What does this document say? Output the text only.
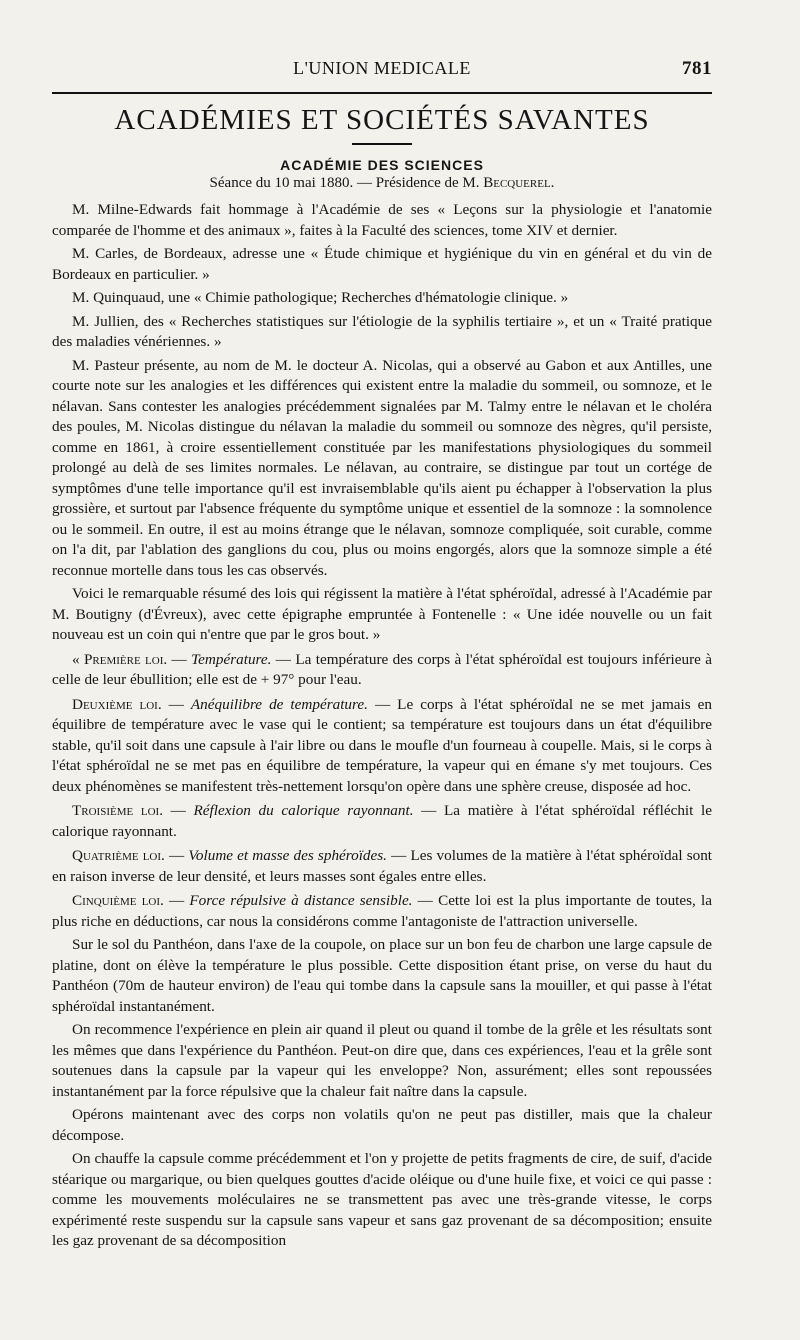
L'UNION MEDICALE	781
ACADÉMIES ET SOCIÉTÉS SAVANTES
ACADÉMIE DES SCIENCES
Séance du 10 mai 1880. — Présidence de M. Becquerel.

M. Milne-Edwards fait hommage à l'Académie de ses « Leçons sur la physiologie et l'anatomie comparée de l'homme et des animaux », faites à la Faculté des sciences, tome XIV et dernier.

M. Carles, de Bordeaux, adresse une « Étude chimique et hygiénique du vin en général et du vin de Bordeaux en particulier. »

M. Quinquaud, une « Chimie pathologique; Recherches d'hématologie clinique. »

M. Jullien, des « Recherches statistiques sur l'étiologie de la syphilis tertiaire », et un « Traité pratique des maladies vénériennes. »

M. Pasteur présente, au nom de M. le docteur A. Nicolas, qui a observé au Gabon et aux Antilles, une courte note sur les analogies et les différences qui existent entre la maladie du sommeil, ou somnoze, et le nélavan. Sans contester les analogies précédemment signalées par M. Talmy entre le nélavan et le choléra des poules, M. Nicolas distingue du nélavan la maladie du sommeil ou somnoze des nègres, qu'il persiste, comme en 1861, à croire essentiellement constituée par les manifestations physiologiques du sommeil prolongé au delà de ses limites normales. Le nélavan, au contraire, se distingue par tout un cortége de symptômes d'une telle importance qu'il est invraisemblable qu'ils aient pu échapper à l'observation la plus grossière, et surtout par l'absence fréquente du symptôme unique et essentiel de la somnoze : la somnolence ou le sommeil. En outre, il est au moins étrange que le nélavan, somnoze compliquée, soit curable, comme on l'a dit, par l'ablation des ganglions du cou, plus ou moins engorgés, alors que la somnoze simple a été reconnue mortelle dans tous les cas observés.

Voici le remarquable résumé des lois qui régissent la matière à l'état sphéroïdal, adressé à l'Académie par M. Boutigny (d'Évreux), avec cette épigraphe empruntée à Fontenelle : « Une idée nouvelle ou un fait nouveau est un coin qui n'entre que par le gros bout. »

« Première loi. — Température. — La température des corps à l'état sphéroïdal est toujours inférieure à celle de leur ébullition; elle est de + 97° pour l'eau.

Deuxième loi. — Anéquilibre de température. — Le corps à l'état sphéroïdal ne se met jamais en équilibre de température avec le vase qui le contient; sa température est toujours dans un état d'équilibre stable, qu'il soit dans une capsule à l'air libre ou dans le moufle d'un fourneau à coupelle. Mais, si le corps à l'état sphéroïdal ne se met pas en équilibre de température, la vapeur qui en émane s'y met toujours. Ces deux phénomènes se manifestent très-nettement lorsqu'on opère dans une sphère creuse, disposée ad hoc.

Troisième loi. — Réflexion du calorique rayonnant. — La matière à l'état sphéroïdal réfléchit le calorique rayonnant.

Quatrième loi. — Volume et masse des sphéroïdes. — Les volumes de la matière à l'état sphéroïdal sont en raison inverse de leur densité, et leurs masses sont égales entre elles.

Cinquième loi. — Force répulsive à distance sensible. — Cette loi est la plus importante de toutes, la plus riche en déductions, car nous la considérons comme l'antagoniste de l'attraction universelle.

Sur le sol du Panthéon, dans l'axe de la coupole, on place sur un bon feu de charbon une large capsule de platine, dont on élève la température le plus possible. Cette disposition étant prise, on verse du haut du Panthéon (70m de hauteur environ) de l'eau qui tombe dans la capsule sans la mouiller, et qui passe à l'état sphéroïdal instantanément.

On recommence l'expérience en plein air quand il pleut ou quand il tombe de la grêle et les résultats sont les mêmes que dans l'expérience du Panthéon. Peut-on dire que, dans ces expériences, l'eau et la grêle sont soutenues dans la capsule par la vapeur qui les enveloppe? Non, assurément; elles sont repoussées instantanément par la force répulsive que la chaleur fait naître dans la capsule.

Opérons maintenant avec des corps non volatils qu'on ne peut pas distiller, mais que la chaleur décompose.

On chauffe la capsule comme précédemment et l'on y projette de petits fragments de cire, de suif, d'acide stéarique ou margarique, ou bien quelques gouttes d'acide oléique ou d'une huile fixe, et voici ce qui passe : comme les mouvements moléculaires ne se transmettent pas avec une très-grande vitesse, le corps expérimenté reste suspendu sur la capsule sans vapeur et sans gaz provenant de sa décomposition; ensuite les gaz provenant de sa décomposition
